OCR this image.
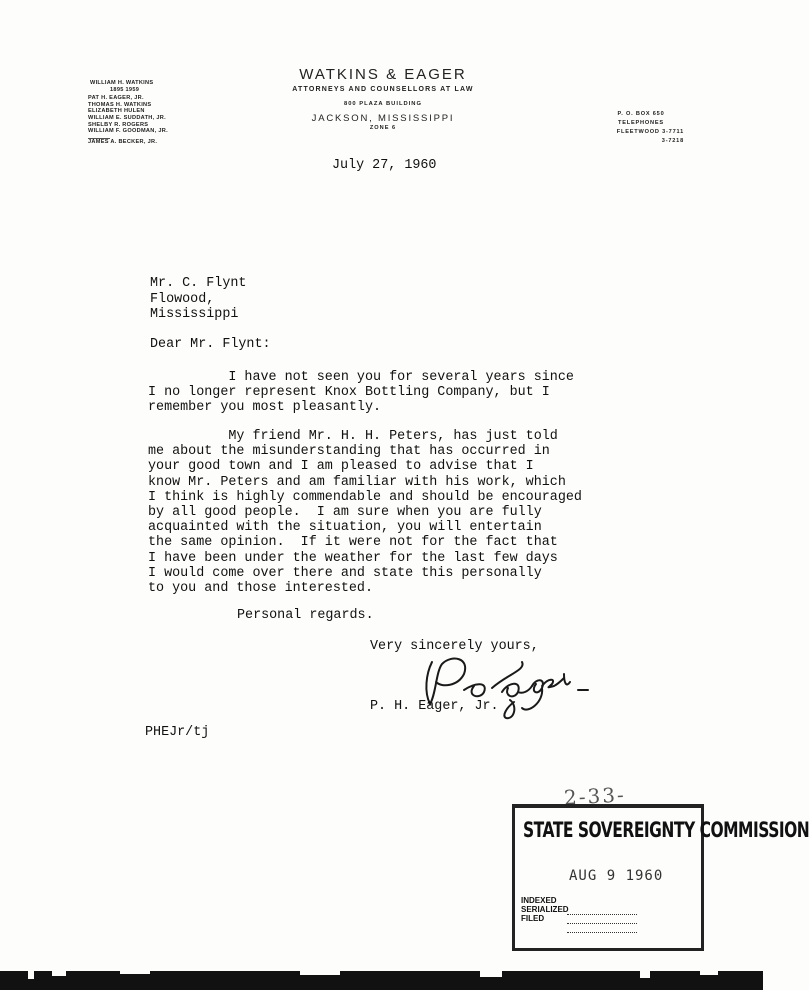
WILLIAM H. WATKINS
1895 1959
PAT H. EAGER, JR.
THOMAS H. WATKINS
ELIZABETH HULEN
WILLIAM E. SUDDATH, JR.
SHELBY R. ROGERS
WILLIAM F. GOODMAN, JR.
JAMES A. BECKER, JR.
WATKINS & EAGER
ATTORNEYS AND COUNSELLORS AT LAW
800 PLAZA BUILDING
JACKSON, MISSISSIPPI
ZONE 6
P. O. BOX 650
TELEPHONES
FLEETWOOD 3-7711
3-7218
July 27, 1960
Mr. C. Flynt
Flowood,
Mississippi
Dear Mr. Flynt:
I have not seen you for several years since
I no longer represent Knox Bottling Company, but I
remember you most pleasantly.
My friend Mr. H. H. Peters, has just told
me about the misunderstanding that has occurred in
your good town and I am pleased to advise that I
know Mr. Peters and am familiar with his work, which
I think is highly commendable and should be encouraged
by all good people.  I am sure when you are fully
acquainted with the situation, you will entertain
the same opinion.  If it were not for the fact that
I have been under the weather for the last few days
I would come over there and state this personally
to you and those interested.
Personal regards.
Very sincerely yours,
P. H. Eager, Jr.
PHEJr/tj
2-33-
STATE SOVEREIGNTY COMMISSION
AUG 9 1960
INDEXED
SERIALIZED
FILED
